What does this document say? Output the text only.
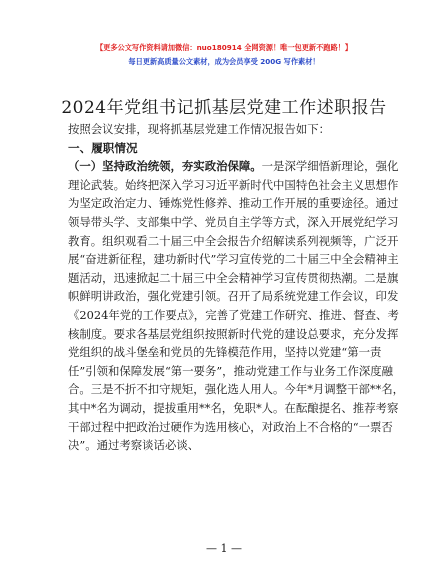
【更多公文写作资料请加微信：nuo180914 全网资源！唯一包更新不跑路！】
每日更新高质量公文素材，成为会员享受 200G 写作素材！
2024年党组书记抓基层党建工作述职报告

按照会议安排，现将抓基层党建工作情况报告如下：

一、履职情况

（一）坚持政治统领，夯实政治保障。一是深学细悟新理论，强化理论武装。始终把深入学习习近平新时代中国特色社会主义思想作为坚定政治定力、锤炼党性修养、推动工作开展的重要途径。通过领导带头学、支部集中学、党员自主学等方式，深入开展党纪学习教育。组织观看二十届三中全会报告介绍解读系列视频等，广泛开展“奋进新征程，建功新时代”学习宣传党的二十届三中全会精神主题活动，迅速掀起二十届三中全会精神学习宣传贯彻热潮。二是旗帜鲜明讲政治，强化党建引领。召开了局系统党建工作会议，印发《2024年党的工作要点》，完善了党建工作研究、推进、督查、考核制度。要求各基层党组织按照新时代党的建设总要求，充分发挥党组织的战斗堡垒和党员的先锋模范作用，坚持以党建“第一责任”引领和保障发展“第一要务”，推动党建工作与业务工作深度融合。三是不折不扣守规矩，强化选人用人。今年*月调整干部**名，其中*名为调动，提拔重用**名，免职*人。在酝酿提名、推荐考察干部过程中把政治过硬作为选用核心，对政治上不合格的“一票否决”。通过考察谈话必谈、

— 1 —
